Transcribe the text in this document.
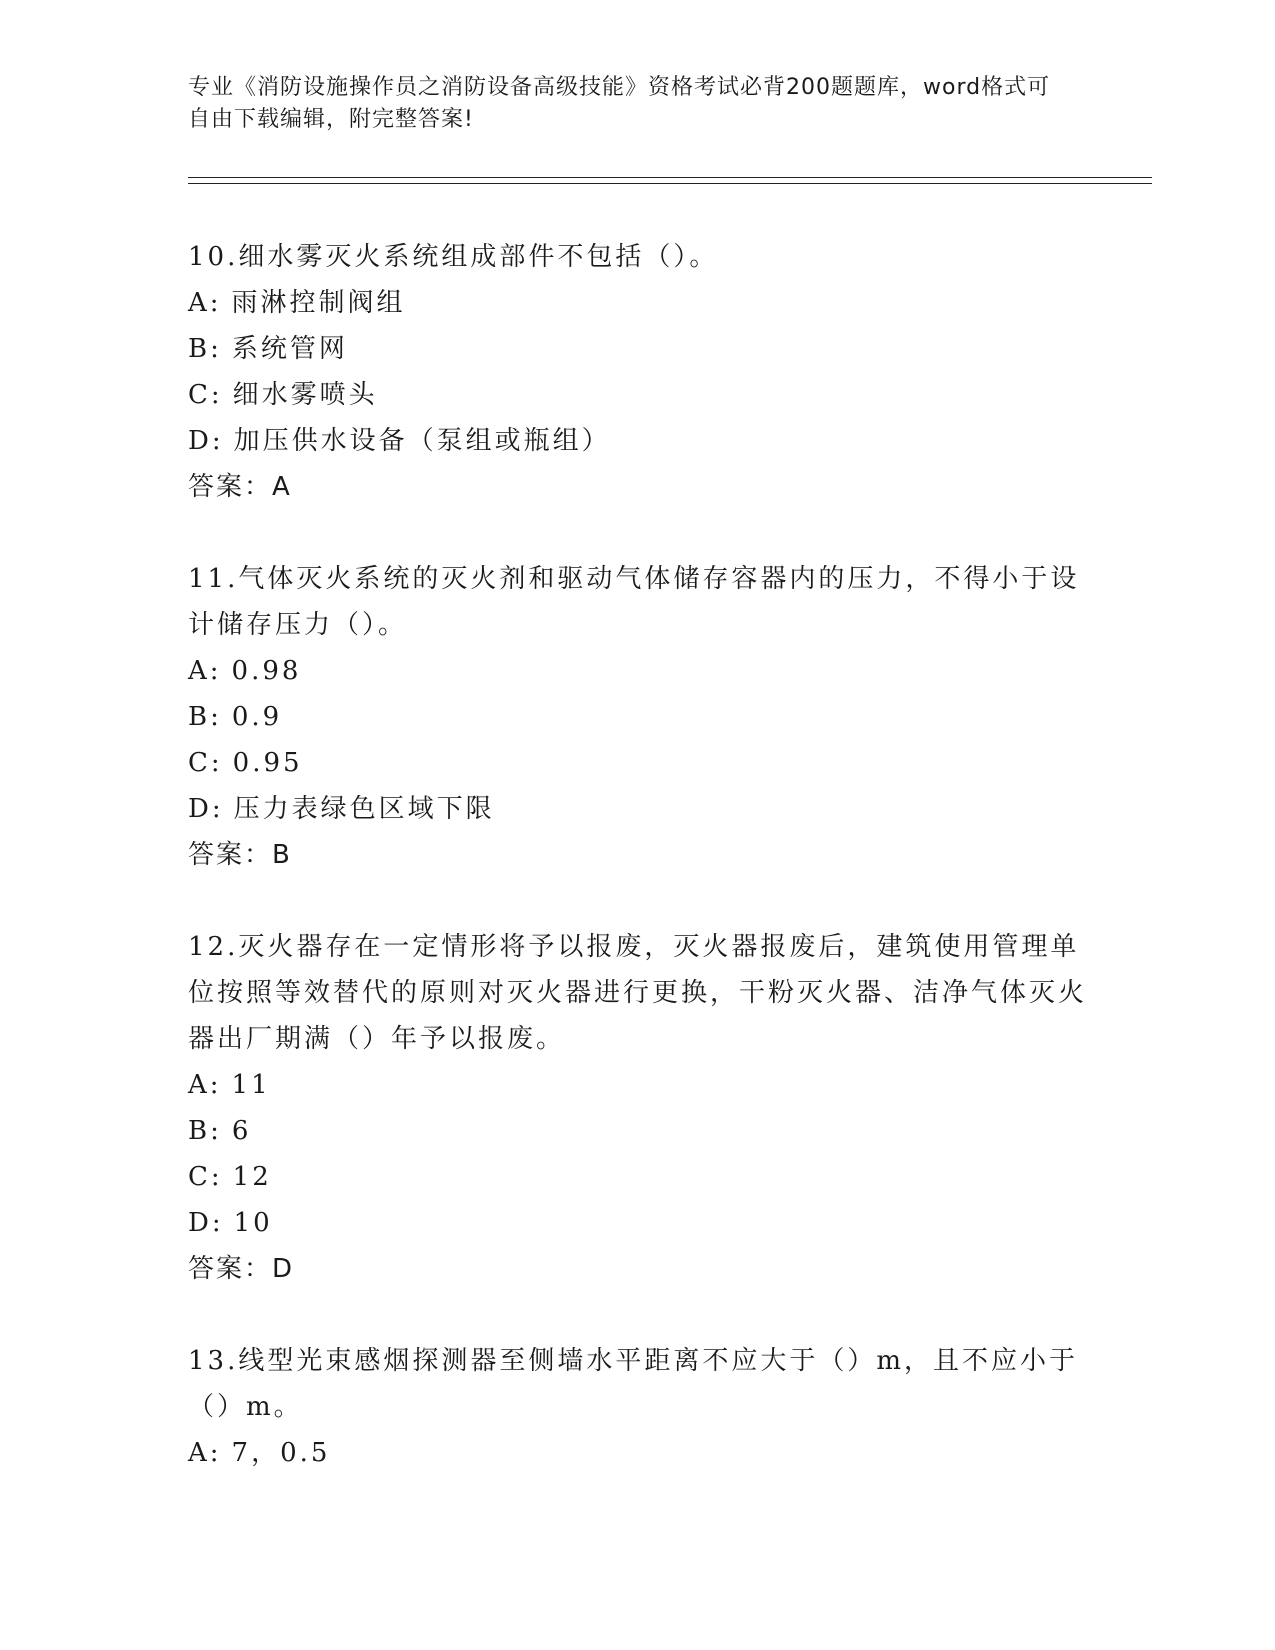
专业《消防设施操作员之消防设备高级技能》资格考试必背200题题库，word格式可自由下载编辑，附完整答案!
10.细水雾灭火系统组成部件不包括（）。
A: 雨淋控制阀组
B: 系统管网
C: 细水雾喷头
D: 加压供水设备（泵组或瓶组）
答案：A
11.气体灭火系统的灭火剂和驱动气体储存容器内的压力，不得小于设计储存压力（）。
A: 0.98
B: 0.9
C: 0.95
D: 压力表绿色区域下限
答案：B
12.灭火器存在一定情形将予以报废，灭火器报废后，建筑使用管理单位按照等效替代的原则对灭火器进行更换，干粉灭火器、洁净气体灭火器出厂期满（）年予以报废。
A: 11
B: 6
C: 12
D: 10
答案：D
13.线型光束感烟探测器至侧墙水平距离不应大于（）m，且不应小于（）m。
A: 7，0.5
